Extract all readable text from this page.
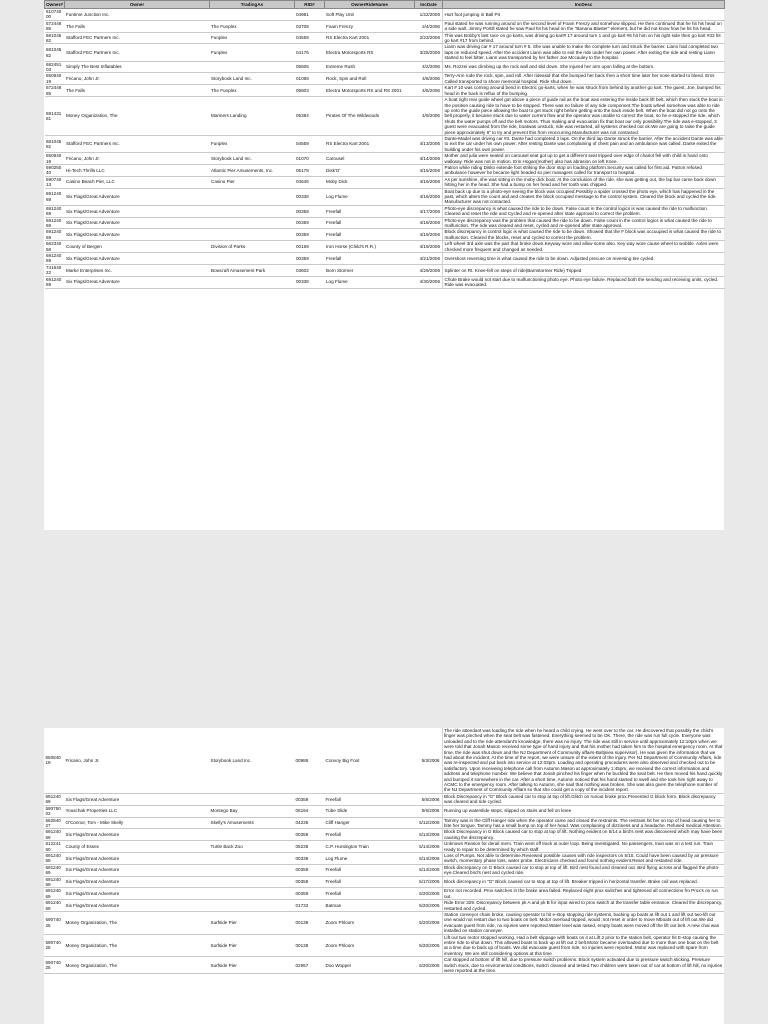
Owner#	Owner	TradingAs	RID#	OwnerRideName	IncDate	IncDesc
61074000	Funtime Junction Inc.		04981	Soft Play Unit	1/22/2006	Hurt foot jumping in Ball Pit
57244685	The Falls	The Funplex	03708	Foam Frenzy	2/4/2006	Paul stated he was running around on the second level of Foam Frenzy and somehow slipped. He then continued that he hit his head on a side wall. Jimmy Portill stated he saw Paul hit his head on the "Banana Blaster" element, but he did not know how he hit his head.
68104582	Stafford FEC Partners Inc.	Funplex	04559	RS Electra Kart 2001	2/23/2006	This was Bobby's last race on go karts, was driving go kart# 17 around turn 1 and go kart #6 hit him on his right side then go kart #33 hit go kart #17 from behind.
68104582	Stafford FEC Partners Inc.	Funplex	04176	Electra Motorsports RS	3/25/2006	Liann was driving car # 17 around turn # 5. She was unable to make the complete turn and struck the barrier. Liann had completed two laps on reduced speed. After the accident Liann was able to exit the ride under her own power. After exiting the ride and resting Liann started to feel bitter. Liann was transported by her father Joe Mccauley to the hospital.
68245103	Simply The Best Inflatables		05506	Extreme Rush	4/2/2006	Ms. Rozzei was climbing up the rock wall and slid down. She injured her arm upon falling at the bottom.
55084019	Fricano, John Jr.	Storybook Land Inc.	01068	Rock, Spin and Roll	4/8/2006	Terry-Ann rode the rock, spin, and roll. After rideasid that she bumped her back then a short time later her nose started to bleed. Ems Called transported to shore memorial hospital. Ride shut down.
57244685	The Falls	The Funplex	05803	Electra Motorsports RS and RS 2001	4/5/2006	Kart # 10 was coming around bend in Electric go-karts, when he was struck from behind by another go kart. The guest, Joe, bumped his head in the back is reflux of the bumping.
59143181	Money Organization, The	Mariners Landing	05384	Pirates Of The Wildwoods	4/9/2006	A boat right rear guide wheel got above a piece of guide rail as the boat was entering the inside back lift belt, which then stuck the boat in the position causing ride to have to be stopped. There was no failure of any ride component.The boats wheel somehow was able to ride up onto the guide piece allowing the boat to get stuck right before getting onto the back inside belt. When the boat did not go onto the belt properly, it became stuck due to water current flow and the operator was unable to correct the boat, so he e-stopped the ride, which shuts the water pumps off and the belt motors. Thus making and evacuation fix that boat our only possibility.The ride was e-stopped, 3 guest were evacuated from the ride, boatwas unstuck, ride was restarted, all systems checked out ok.We are going to raise the guide piece approximately 6" to try and prevent this from reoccurring.Manufacturer was not contacted.
68104582	Stafford FEC Partners Inc.	Funplex	04559	RS Electra Kart 2001	4/13/2006	Dante-Madel was driving car #3. Dante had completed 2 laps. On the third lap Dante struck the barrier. After the accident Dante was able to exit the car under his own power. After resting Dante was complaining of chest pain and an ambulance was called. Dante exited the building under his own power.
55084019	Fricano, John Jr.	Storybook Land Inc.	01070	Carousel	4/14/2006	Mother and julia were seated on carousel seat got up to get a different seat tripped over edge of chariot fell with child in hand onto walkway. Ride was not in motion. Erin Hogan(mother) also has abrasion on left Knee.
59025040	Hi-Tech Thrills LLC	Atlantic Pier Amusements, Inc.	05178	Disk'O'	4/15/2006	Patron while riding Disko extende foot striking the door stop on loading platform.Security was called for first aid. Patron refused ambulance however he became light headed so pier managers called for transport to hospital.
59074013	Casino Beach Pier, LLC	Casino Pier	04646	Moby Dick	4/16/2006	As per sunshine, she was sitting in the moby dick boat. At the conclusion of the ride, she was getting out, the lap bar came back down hitting her in the head. She had a bump on her head and her tooth was chipped.
69124069	Six Flags/Great Adventure		00338	Log Flume	4/16/2006	Boat back up due to a photo-eye seeing the block was occupied.Possibly a spider crossed the photo eye, which has happened in the past, which alters the count and and creates the block occupied message to the control system. Cleared the block and cycled the ride. Manufacturer was not contacted.
69124069	Six Flags/Great Adventure		00359	Freefall	4/17/2006	Photo-eye discrepancy is what caused the ride to be down. False count in the control logics is was caused the ride to malfunction. Cleared and reset the ride and Cycled and re-opened after state approval to correct the problem.
69124069	Six Flags/Great Adventure		00359	Freefall	4/18/2006	Photo-eye discrepancy was the problem that caused the ride to be down. False count in the control logics is what caused the ride to malfunction. The ride was cleared and reset, cycled and re-opened after state approval.
69124069	Six Flags/Great Adventure		00359	Freefall	4/19/2006	Block discrepancy in control logic is what caused the ride to be down. Showed that the F block was occuupied is what caused the ride to malfunction. Cleared the blocks, reset and cycled to correct the problem.
56234058	County of Bergen	Division of Parks	00169	Iron Horse (Child's R.R.)	4/19/2006	Left wheel 3rd axle was the part that broke down.Keyway wore and allow some also. Key way wore cause wheel to wobble. Axles were checked more frequent and changed as needed.
69124069	Six Flags/Great Adventure		00359	Freefall	4/21/2006	Overshoot reversing time is what caused the ride to be down. Adjusted precure on reversing tire cycled.
74164022	Marke Enterprises Inc.	Bowcraft Amusement Park	03602	Born Stormer	4/29/2006	Splinter on Rt. Knee-fell on steps of ride(Barnstormer Ride) Tripped
69124069	Six Flags/Great Adventure		00338	Log Flume	4/30/2006	Chute Brake would not start due to malfunctioning photo eye. Photo eye failure. Replaced both the sending and receiving units, cycled. Ride was evacuated.
55084019	Fricano, John Jr.	Storybook Land Inc.	00985	Convoy Big Foot	5/3/2006	The ride attendant was loading the ride when he heard a child crying. He went over to the car. He discovered that possibly the child's finger was pinched when the seat belt was fastened. Everything seemed to be OK. There, the ride was run full cycle. Everyone was unloaded and to the ride attendant's knowledge, there was no injury. The ride was still in service until approximately 12:10pm when we were told that Jonah Mason received some type of hand injury and that his mother had taken him to the hospital emergency room. At that time, the ride was shut down and the NJ Department of Community affairs-Baltjniea supervisor). He was given the information that we had about the incident. At the time of the report, we were unsure of the extent of the injury. Per NJ Department of Community Affairs, ride was re-inspected and put back into service at 12:03pm. Loading and operating procedures were also observed and checked out to be satisfactory. Upon receiveing telephone call from Autumn Mason at approximately 1:45pm, we received the correct information and address and telephone number. We believe that Jonah pinched his finger when he buckled the seat belt. He then moved his hand quickly and bumped it somewhere in the car. After a short time, Autumn noticed that his hand started to swell and she took him right away to ACMC to the emergency room. After talking to Autumn, she said that nothing was broken. She was also given the telephone number of the NJ Department of Community Affiars so that she could get a copy of the incident report.
69124069	Six Flags/Great Adventure		00359	Freefall	5/6/2006	Block Discrepancy in "G" Block caused car to stop at top of lift.Glitch on runout brake prox.Prevented G block form. Block discrepancy was cleared and ride cycled.
59075002	Youschak Properties LLC	Montego Bay	05194	Tube Slide	5/6/2006	Running up waterslide steps, slipped on stairs and fell on knee
58284027	O'Connor, Tom - Mike Skelly	Skelly's Amusements	04235	Cliff Hanger	5/12/2006	Tammy was in the Cliff Hanger ride when the operator came and closed the restraints. The restraint hit her on top of head causing her to bite her tongue. Tammy has a small bump on top of her head. Was complaining of dizziness and a headache. Refused medical Attention.
69124069	Six Flags/Great Adventure		00359	Freefall	5/13/2006	Block Discrepancy in G Block caused car to stop at top of lift. Nothing evident on 5/14 a bird's nest was discovered which may have been causing the discrepancy.
61224160	County of Essex	Turtle Back Zoo	05238	C.P. Huntington Train	5/14/2006	Unknown Reason for derail mem. Train went off track at outer loop. Being investigated. No passengers, train was on a test run. Train ready to repair to be determined by which staff.
69124069	Six Flags/Great Adventure		00338	Log Flume	5/14/2006	Loss of Pumps. Not able to determine.Reviewed possible causes with ride inspectors on 5/15. Could have been caused by air pressure switch, momentary phase loss, water probe. Electricians checked and found nothing evident.Reset and restarted ride.
69124069	Six Flags/Great Adventure		00359	Freefall	5/14/2006	Block discrepancy on G Block caused car to stop at top of lift. Bird nest found and cleaned out. Bird flying across and flagged the photo-eye.Cleared bird's nest and cycled ride.
69124069	Six Flags/Great Adventure		00359	Freefall	5/17/2006	Block discrepancy in "G" Block caused car to stop at top of lift. Breaker tripped in horizontal transfer. Brake coil was replaced.
69124069	Six Flags/Great Adventure		00359	Freefall	5/20/2006	Error not recorded. Prox switches in the brake area failed. Replaced eight prox switches and tightened all connections fro Prox's on run out.
69124069	Six Flags/Great Adventure		01732	Batman	5/20/2006	Ride Error 329. Discrepancy between pk A and pk B for input wired to prox switch at the transfer table entrance. Cleared the discrepancy, restarted and cycled.
59074025	Money Organization, The	Surfside Pier	00138	Zoom Phloom	5/20/2006	Station conveyor chain broke, causing operator to hit e-stop stopping ride systems, backing up boats at lift out 1 and lift out two-lift out one would not restart due to two boats on belt. Motor overload tripped, would ;not reset in order to move Mboats out of lift out.We did evacuate guest from ride, no injuries were reported.Water level was raised, empty boats were moved off the lift out belt. A new chai was installed on station conveyer.
59074025	Money Organization, The	Surfside Pier	00138	Zoom Phloom	5/20/2006	Lift out two motor stopped working. Had a belt slippage with boats on it at Lift 2 prior to the station belt, operator hit E-stop causing the entire ride to shut down. This allowed boats to back up at lift out 2 belt.Motor became overloaded due to more than one boat on the belt at a time due to back up of boats. We did evacuate guest from ride, no injuries were reported. Motor was replaced with spare from inventory. We are still considering options at this time
59074025	Money Organization, The	Surfside Pier	02957	Doo Wopper	5/20/2006	Car stopped at bottom of lift hill, due to pressure switch problems. Block system activated due to pressure switch sticking. Pressure switch stuck, due to enviromental conditions, switch cleaned and tested.Two children were taken out of car at bottom of lift hill, no injuries were reported at the time.
